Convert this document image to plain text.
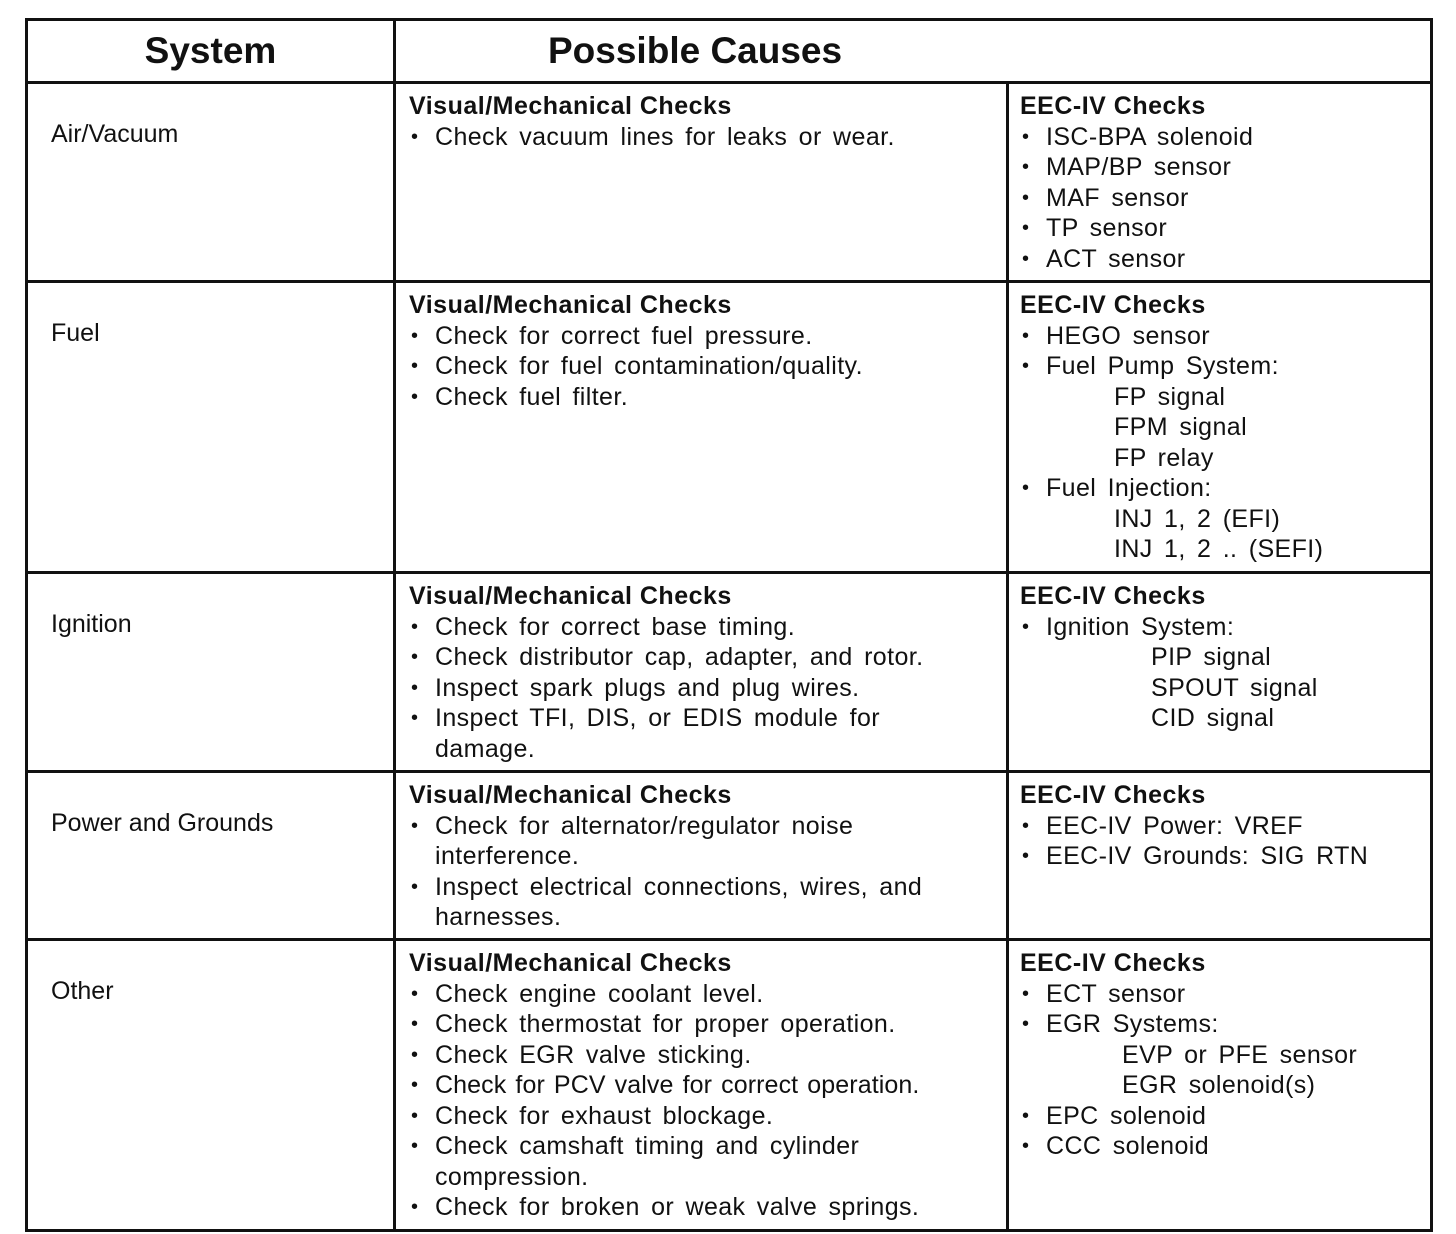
System	Possible Causes
Air/Vacuum
Visual/Mechanical Checks
• Check vacuum lines for leaks or wear.
EEC-IV Checks
• ISC-BPA solenoid
• MAP/BP sensor
• MAF sensor
• TP sensor
• ACT sensor
Fuel
Visual/Mechanical Checks
• Check for correct fuel pressure.
• Check for fuel contamination/quality.
• Check fuel filter.
EEC-IV Checks
• HEGO sensor
• Fuel Pump System:
FP signal
FPM signal
FP relay
• Fuel Injection:
INJ 1, 2 (EFI)
INJ 1, 2 .. (SEFI)
Ignition
Visual/Mechanical Checks
• Check for correct base timing.
• Check distributor cap, adapter, and rotor.
• Inspect spark plugs and plug wires.
• Inspect TFI, DIS, or EDIS module for damage.
EEC-IV Checks
• Ignition System:
PIP signal
SPOUT signal
CID signal
Power and Grounds
Visual/Mechanical Checks
• Check for alternator/regulator noise interference.
• Inspect electrical connections, wires, and harnesses.
EEC-IV Checks
• EEC-IV Power: VREF
• EEC-IV Grounds: SIG RTN
Other
Visual/Mechanical Checks
• Check engine coolant level.
• Check thermostat for proper operation.
• Check EGR valve sticking.
• Check for PCV valve for correct operation.
• Check for exhaust blockage.
• Check camshaft timing and cylinder compression.
• Check for broken or weak valve springs.
EEC-IV Checks
• ECT sensor
• EGR Systems:
EVP or PFE sensor
EGR solenoid(s)
• EPC solenoid
• CCC solenoid
